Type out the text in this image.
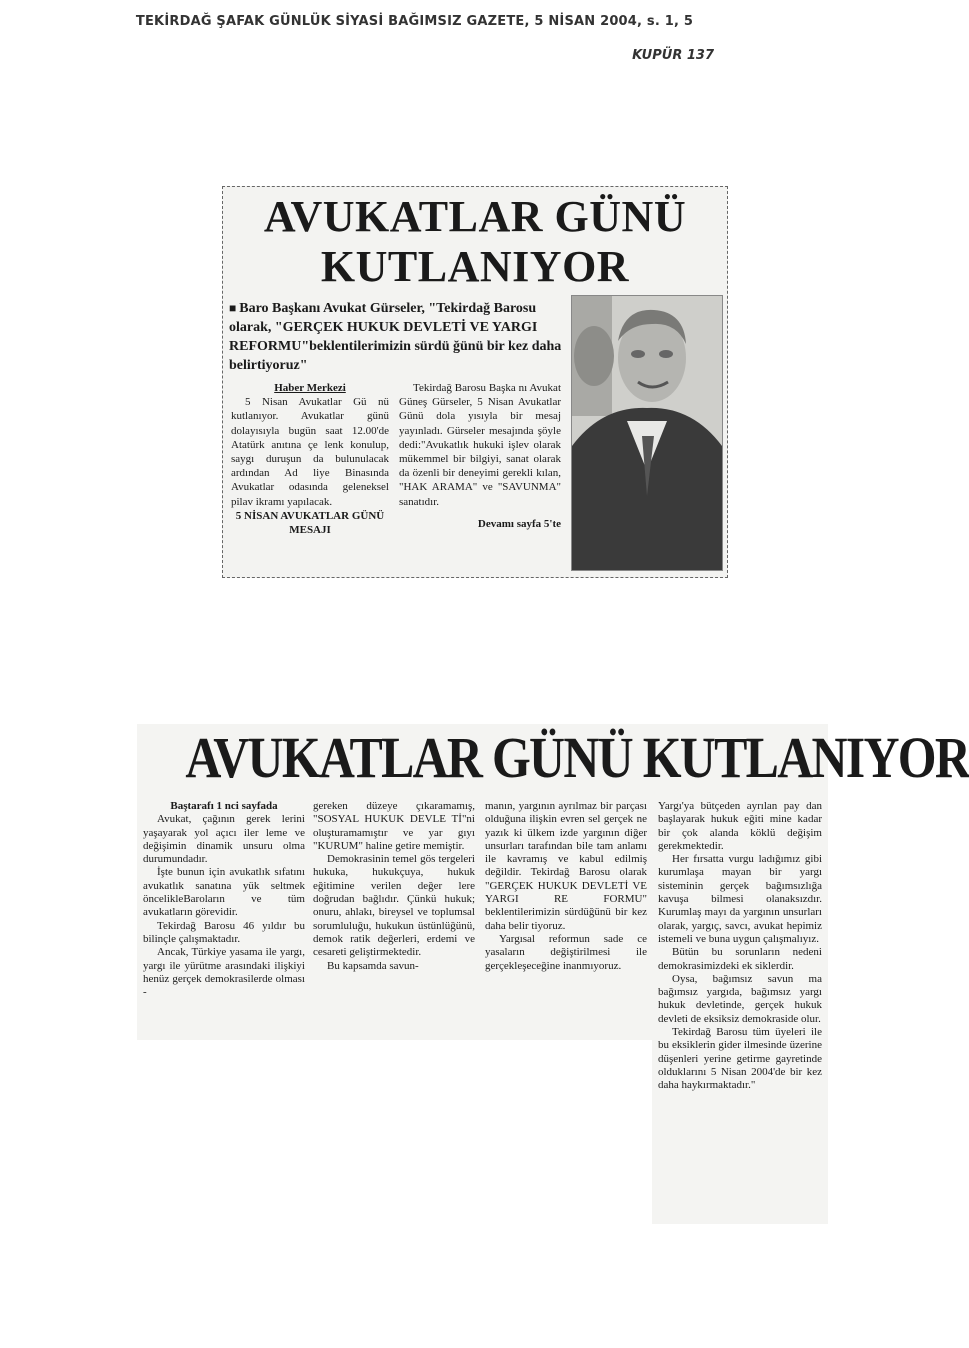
TEKİRDAĞ ŞAFAK GÜNLÜK SİYASİ BAĞIMSIZ GAZETE, 5 NİSAN 2004, s. 1, 5
KUPÜR 137
AVUKATLAR GÜNÜ
KUTLANIYOR
■ Baro Başkanı Avukat Gürseler, "Tekirdağ Barosu olarak, "GERÇEK HUKUK DEVLETİ VE YARGI REFORMU"beklentilerimizin sürdü ğünü bir kez daha belirtiyoruz"
Haber Merkezi
5 Nisan Avukatlar Gü nü kutlanıyor. Avukatlar günü dolayısıyla bugün saat 12.00'de Atatürk anıtına çe lenk konulup, saygı duruşun da bulunulacak ardından Ad liye Binasında Avukatlar odasında geleneksel pilav ikramı yapılacak.
5 NİSAN AVUKATLAR GÜNÜ MESAJI
Tekirdağ Barosu Başka nı Avukat Güneş Gürseler, 5 Nisan Avukatlar Günü dola yısıyla bir mesaj yayınladı. Gürseler mesajında şöyle dedi:"Avukatlık hukuki işlev olarak mükemmel bir bilgiyi, sanat olarak da özenli bir deneyimi gerekli kılan, "HAK ARAMA" ve "SAVUNMA" sanatıdır.
Devamı sayfa 5'te
AVUKATLAR GÜNÜ KUTLANIYOR

Baştarafı 1 nci sayfada

Avukat, çağının gerek lerini yaşayarak yol açıcı iler leme ve değişimin dinamik unsuru olma durumundadır.

İşte bunun için avukatlık sıfatını avukatlık sanatına yük seltmek öncelikleBaroların ve tüm avukatların görevidir.

Tekirdağ Barosu 46 yıldır bu bilinçle çalışmaktadır.

Ancak, Türkiye yasama ile yargı, yargı ile yürütme arasındaki ilişkiyi henüz gerçek demokrasilerde olması -

gereken düzeye çıkaramamış, "SOSYAL HUKUK DEVLE Tİ"ni oluşturamamıştır ve yar gıyı "KURUM" haline getire memiştir.

Demokrasinin temel gös tergeleri hukuka, hukukçuya, hukuk eğitimine verilen değer lere doğrudan bağlıdır. Çünkü hukuk; onuru, ahlakı, bireysel ve toplumsal sorumluluğu, hukukun üstünlüğünü, demok ratik değerleri, erdemi ve cesareti geliştirmektedir.

Bu kapsamda savun-

manın, yargının ayrılmaz bir parçası olduğuna ilişkin evren sel gerçek ne yazık ki ülkem izde yargının diğer unsurları tarafından bile tam anlamı ile kavramış ve kabul edilmiş değildir. Tekirdağ Barosu olarak "GERÇEK HUKUK DEVLETİ VE YARGI RE FORMU" beklentilerimizin sürdüğünü bir kez daha belir tiyoruz.

Yargısal reformun sade ce yasaların değiştirilmesi ile gerçekleşeceğine inanmıyoruz.

Yargı'ya bütçeden ayrılan pay dan başlayarak hukuk eğiti mine kadar bir çok alanda köklü değişim gerekmektedir.

Her fırsatta vurgu ladığımız gibi kurumlaşa mayan bir yargı sisteminin gerçek bağımsızlığa kavuşa bilmesi olanaksızdır. Kurumlaş mayı da yargının unsurları olarak, yargıç, savcı, avukat hepimiz istemeli ve buna uygun çalışmalıyız.

Bütün bu sorunların nedeni demokrasimizdeki ek siklerdir.

Oysa, bağımsız savun ma bağımsız yargıda, bağımsız yargı hukuk devletinde, gerçek hukuk devleti de eksiksiz demokraside olur.

Tekirdağ Barosu tüm üyeleri ile bu eksiklerin gider ilmesinde üzerine düşenleri yerine getirme gayretinde olduklarını 5 Nisan 2004'de bir kez daha haykırmaktadır."
